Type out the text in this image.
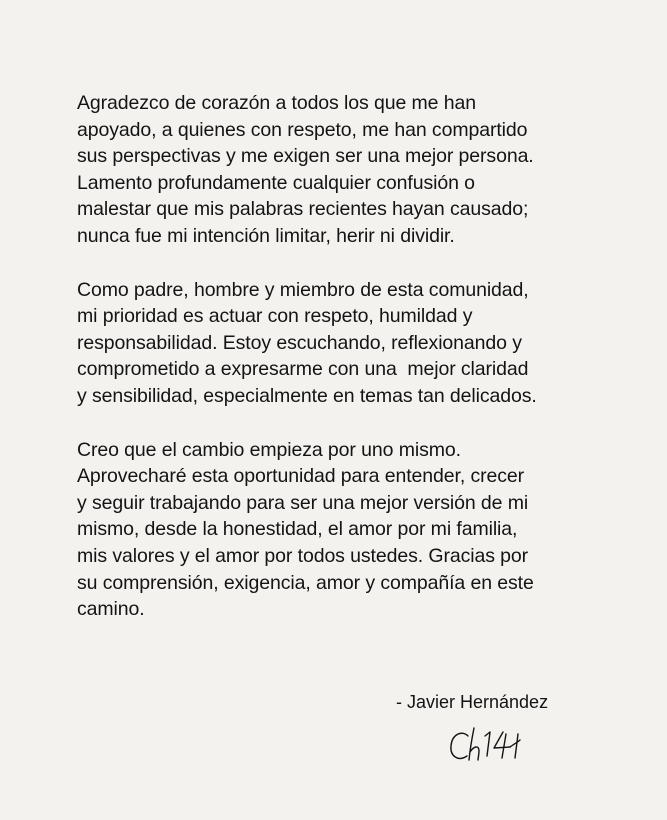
Agradezco de corazón a todos los que me han
apoyado, a quienes con respeto, me han compartido
sus perspectivas y me exigen ser una mejor persona.
Lamento profundamente cualquier confusión o
malestar que mis palabras recientes hayan causado;
nunca fue mi intención limitar, herir ni dividir.

Como padre, hombre y miembro de esta comunidad,
mi prioridad es actuar con respeto, humildad y
responsabilidad. Estoy escuchando, reflexionando y
comprometido a expresarme con una  mejor claridad
y sensibilidad, especialmente en temas tan delicados.

Creo que el cambio empieza por uno mismo.
Aprovecharé esta oportunidad para entender, crecer
y seguir trabajando para ser una mejor versión de mi
mismo, desde la honestidad, el amor por mi familia,
mis valores y el amor por todos ustedes. Gracias por
su comprensión, exigencia, amor y compañía en este
camino.

- Javier Hernández
